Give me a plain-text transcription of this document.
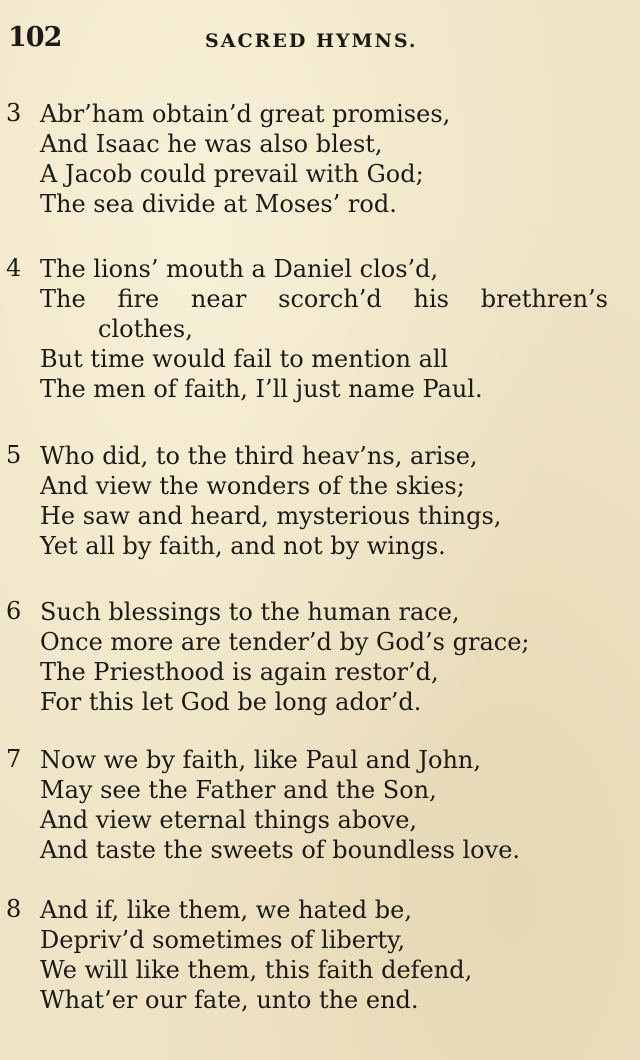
102	SACRED HYMNS.
3 Abr’ham obtain’d great promises,
And Isaac he was also blest,
A Jacob could prevail with God;
The sea divide at Moses’ rod.
4 The lions’ mouth a Daniel clos’d,
The fire near scorch’d his brethren’s
clothes,
But time would fail to mention all
The men of faith, I’ll just name Paul.
5 Who did, to the third heav’ns, arise,
And view the wonders of the skies;
He saw and heard, mysterious things,
Yet all by faith, and not by wings.
6 Such blessings to the human race,
Once more are tender’d by God’s grace;
The Priesthood is again restor’d,
For this let God be long ador’d.
7 Now we by faith, like Paul and John,
May see the Father and the Son,
And view eternal things above,
And taste the sweets of boundless love.
8 And if, like them, we hated be,
Depriv’d sometimes of liberty,
We will like them, this faith defend,
What’er our fate, unto the end.
